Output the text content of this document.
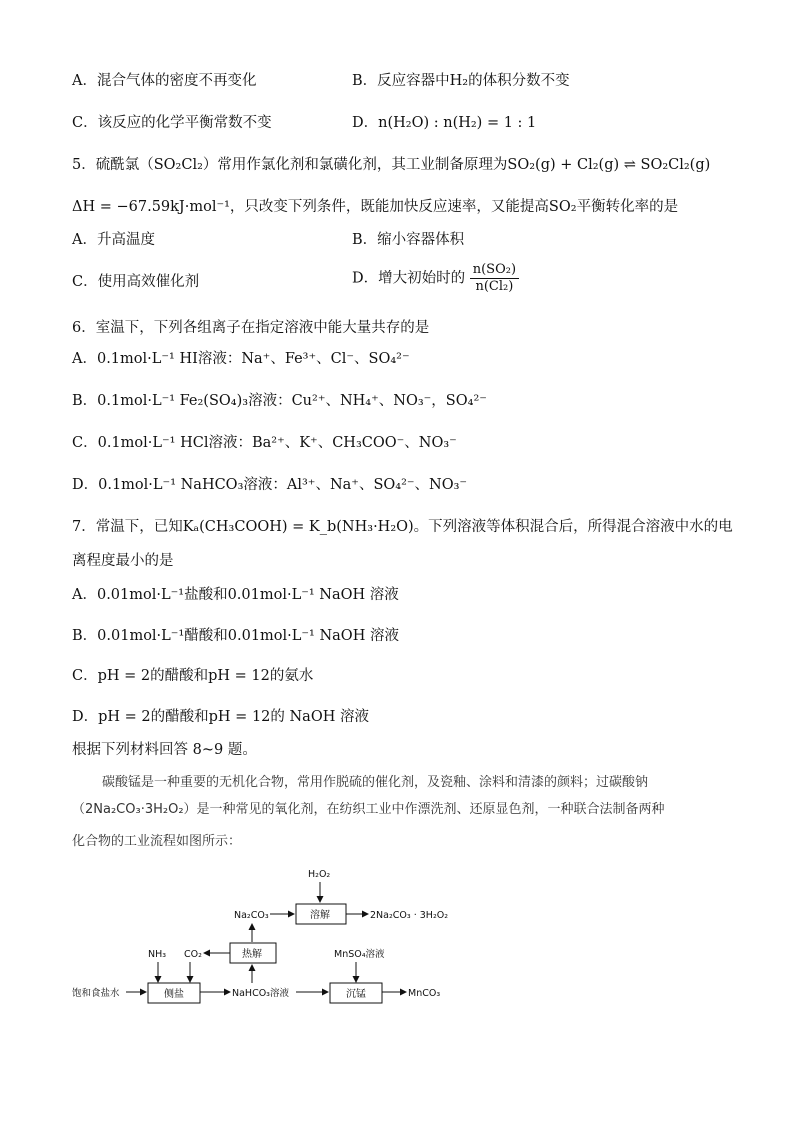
A．混合气体的密度不再变化	B．反应容器中H₂的体积分数不变
C．该反应的化学平衡常数不变	D．n(H₂O) : n(H₂) = 1 : 1
5．硫酰氯（SO₂Cl₂）常用作氯化剂和氯磺化剂，其工业制备原理为SO₂(g) + Cl₂(g) ⇌ SO₂Cl₂(g)
ΔH = −67.59kJ·mol⁻¹，只改变下列条件，既能加快反应速率，又能提高SO₂平衡转化率的是
A．升高温度	B．缩小容器体积
C．使用高效催化剂	D．增大初始时的 $\frac{\text{n(SO₂)}}{\text{n(Cl₂)}}$
6．室温下，下列各组离子在指定溶液中能大量共存的是
A．0.1mol·L⁻¹ HI溶液：Na⁺、Fe³⁺、Cl⁻、SO₄²⁻
B．0.1mol·L⁻¹ Fe₂(SO₄)₃溶液：Cu²⁺、NH₄⁺、NO₃⁻，SO₄²⁻
C．0.1mol·L⁻¹ HCl溶液：Ba²⁺、K⁺、CH₃COO⁻、NO₃⁻
D．0.1mol·L⁻¹ NaHCO₃溶液：Al³⁺、Na⁺、SO₄²⁻、NO₃⁻
7．常温下，已知Kₐ(CH₃COOH) = K_b(NH₃·H₂O)。下列溶液等体积混合后，所得混合溶液中水的电
离程度最小的是
A．0.01mol·L⁻¹盐酸和0.01mol·L⁻¹ NaOH 溶液
B．0.01mol·L⁻¹醋酸和0.01mol·L⁻¹ NaOH 溶液
C．pH = 2的醋酸和pH = 12的氨水
D．pH = 2的醋酸和pH = 12的 NaOH 溶液
根据下列材料回答 8~9 题。
碳酸锰是一种重要的无机化合物，常用作脱硫的催化剂，及瓷釉、涂料和清漆的颜料；过碳酸钠
（2Na₂CO₃·3H₂O₂）是一种常见的氧化剂，在纺织工业中作漂洗剂、还原显色剂，一种联合法制备两种
化合物的工业流程如图所示：
H₂O₂
溶解
Na₂CO₃	2Na₂CO₃ · 3H₂O₂
热解
NH₃ CO₂
饱和食盐水	侧盐	NaHCO₃溶液
MnSO₄溶液
沉锰	MnCO₃
